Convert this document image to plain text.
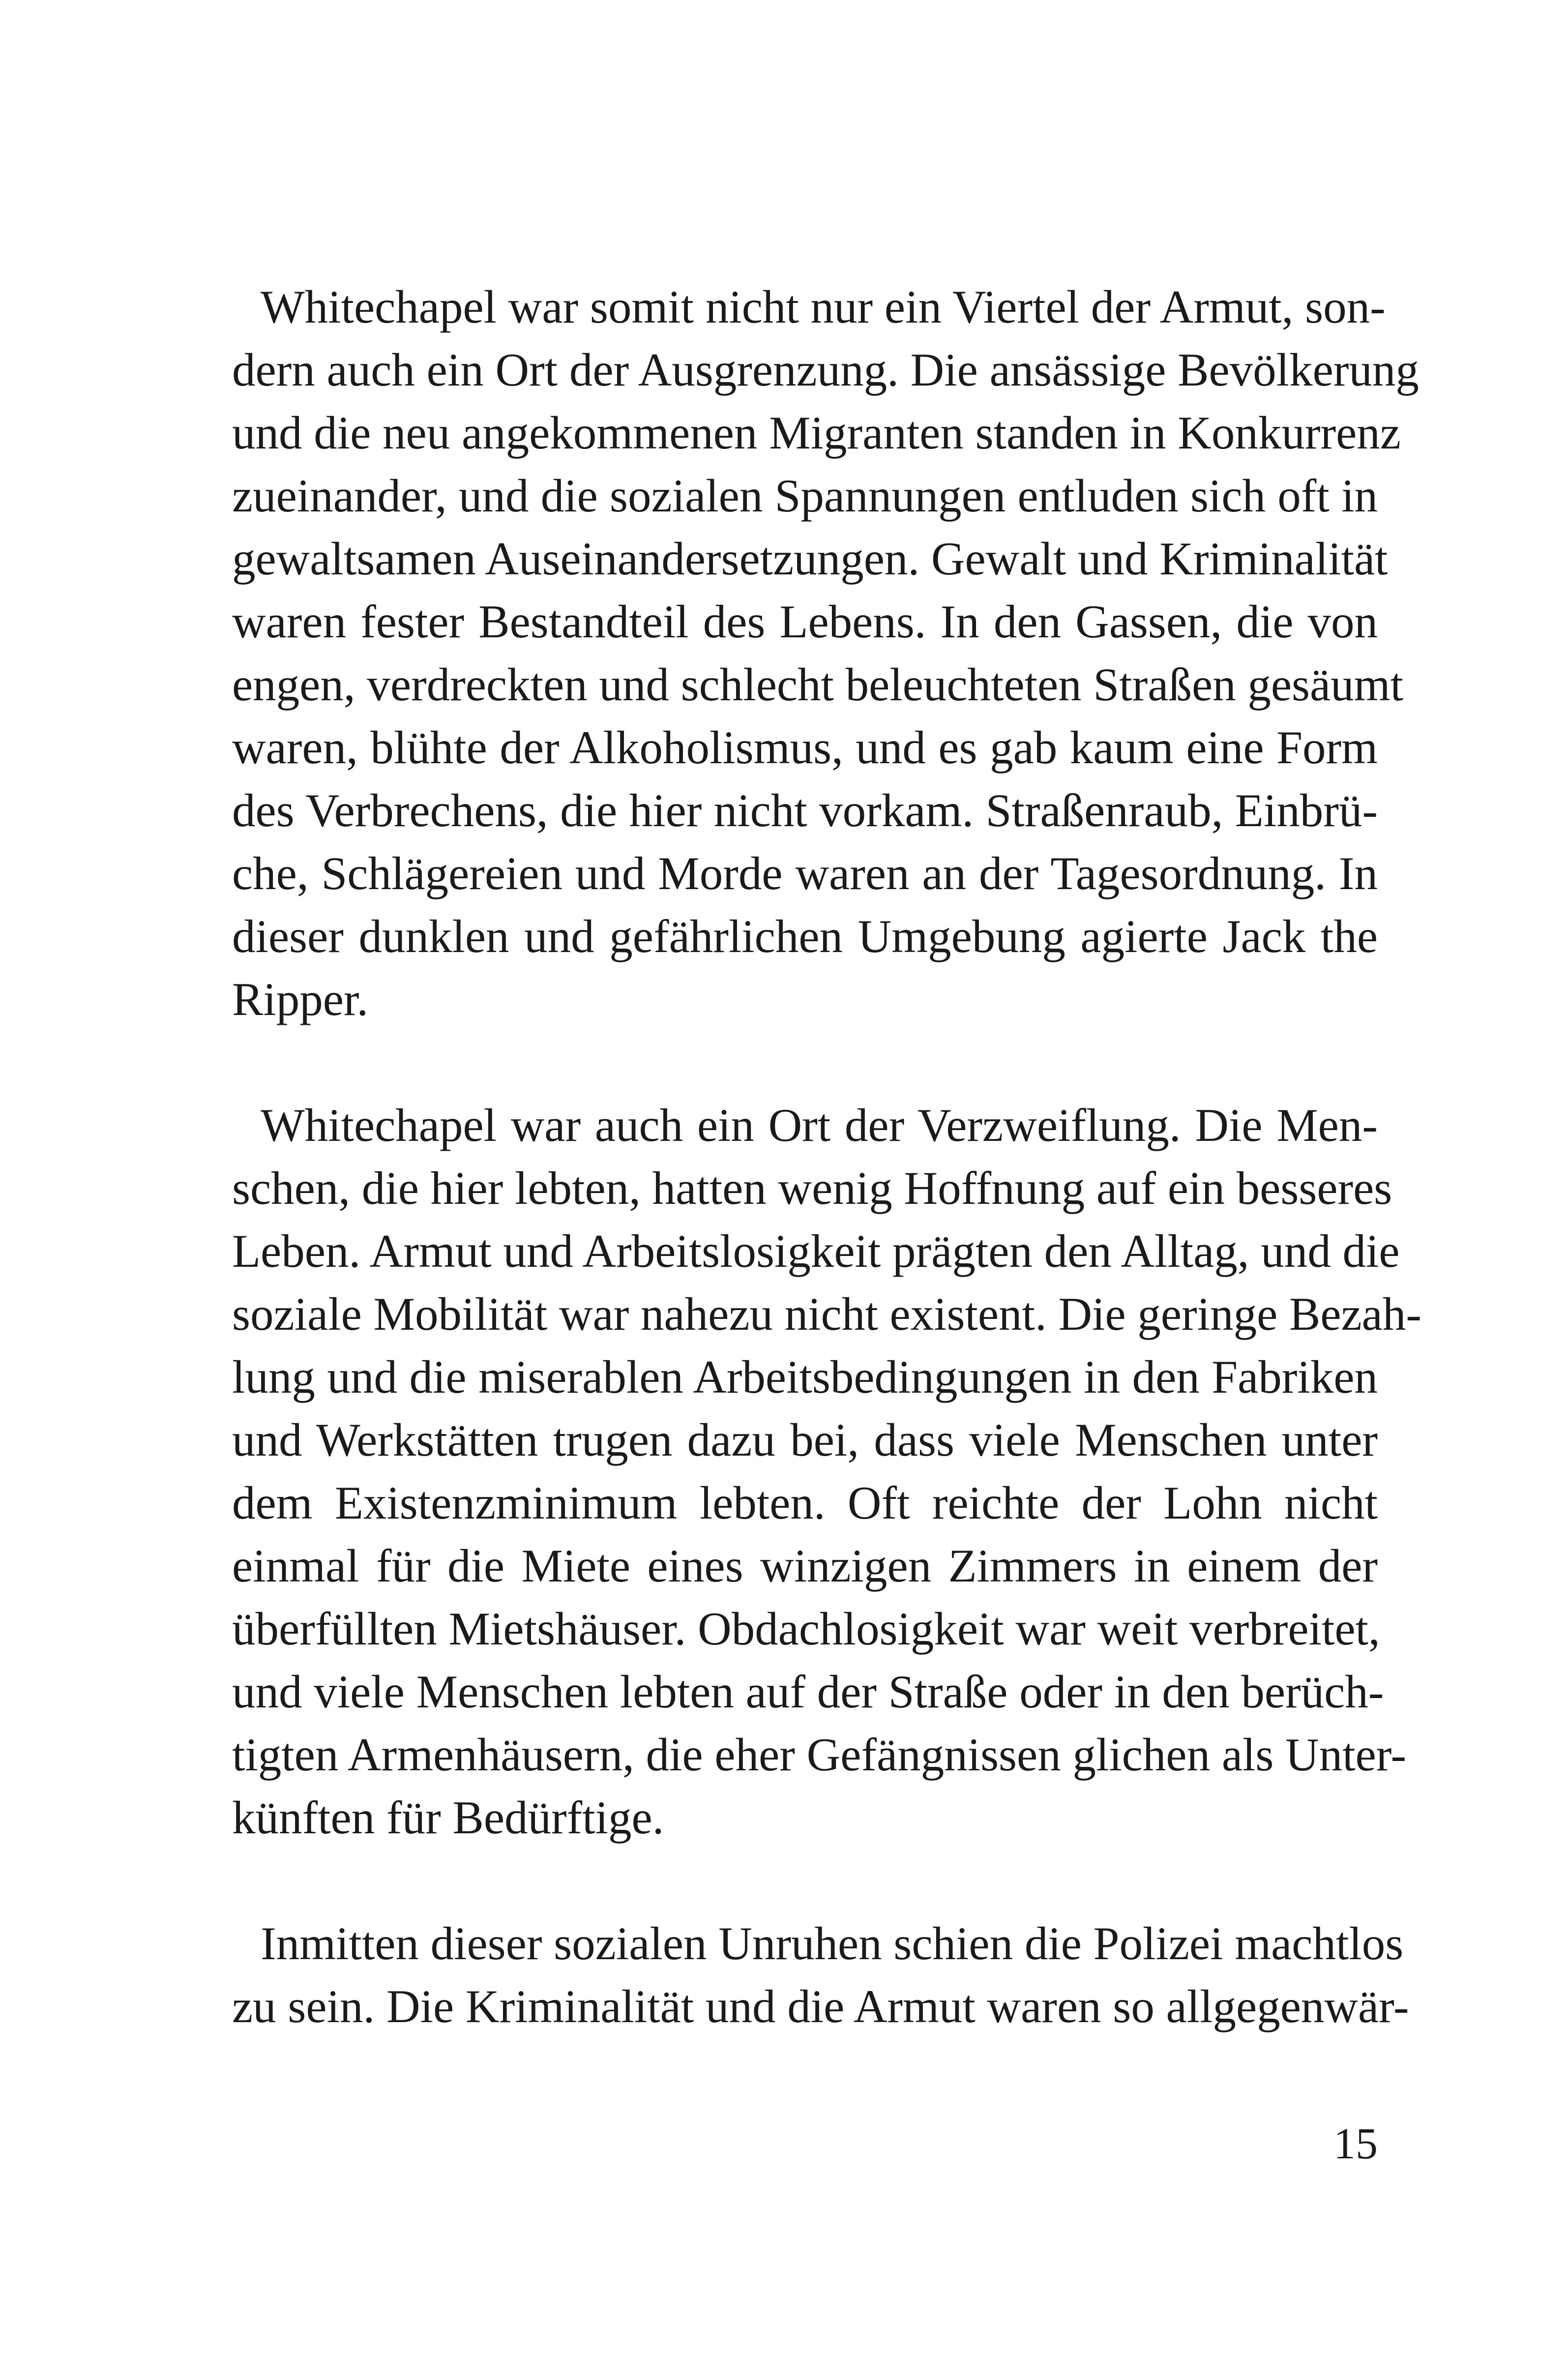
Whitechapel war somit nicht nur ein Viertel der Armut, son-
dern auch ein Ort der Ausgrenzung. Die ansässige Bevölkerung
und die neu angekommenen Migranten standen in Konkurrenz
zueinander, und die sozialen Spannungen entluden sich oft in
gewaltsamen Auseinandersetzungen. Gewalt und Kriminalität
waren fester Bestandteil des Lebens. In den Gassen, die von
engen, verdreckten und schlecht beleuchteten Straßen gesäumt
waren, blühte der Alkoholismus, und es gab kaum eine Form
des Verbrechens, die hier nicht vorkam. Straßenraub, Einbrü-
che, Schlägereien und Morde waren an der Tagesordnung. In
dieser dunklen und gefährlichen Umgebung agierte Jack the
Ripper.
Whitechapel war auch ein Ort der Verzweiflung. Die Men-
schen, die hier lebten, hatten wenig Hoffnung auf ein besseres
Leben. Armut und Arbeitslosigkeit prägten den Alltag, und die
soziale Mobilität war nahezu nicht existent. Die geringe Bezah-
lung und die miserablen Arbeitsbedingungen in den Fabriken
und Werkstätten trugen dazu bei, dass viele Menschen unter
dem Existenzminimum lebten. Oft reichte der Lohn nicht
einmal für die Miete eines winzigen Zimmers in einem der
überfüllten Mietshäuser. Obdachlosigkeit war weit verbreitet,
und viele Menschen lebten auf der Straße oder in den berüch-
tigten Armenhäusern, die eher Gefängnissen glichen als Unter-
künften für Bedürftige.
Inmitten dieser sozialen Unruhen schien die Polizei machtlos
zu sein. Die Kriminalität und die Armut waren so allgegenwär-
15
